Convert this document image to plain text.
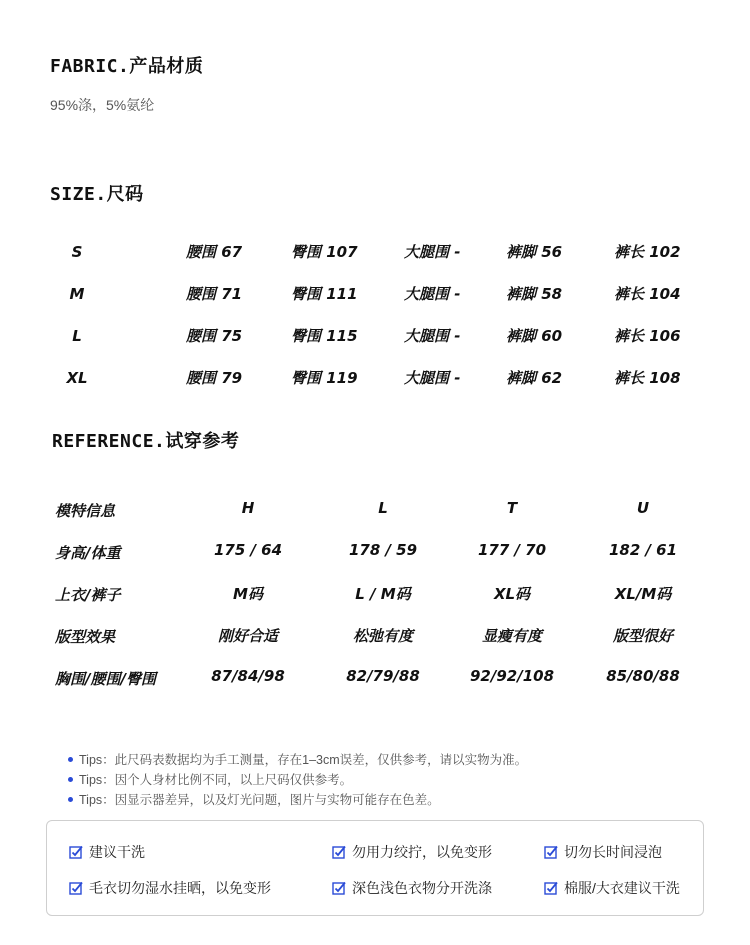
FABRIC.产品材质
95%涤，5%氨纶
SIZE.尺码
S	腰围 67	臀围 107	大腿围 -	裤脚 56	裤长 102
M	腰围 71	臀围 111	大腿围 -	裤脚 58	裤长 104
L	腰围 75	臀围 115	大腿围 -	裤脚 60	裤长 106
XL	腰围 79	臀围 119	大腿围 -	裤脚 62	裤长 108
REFERENCE.试穿参考
模特信息	H	L	T	U
身高/体重	175 / 64	178 / 59	177 / 70	182 / 61
上衣/裤子	M码	L / M码	XL码	XL/M码
版型效果	刚好合适	松弛有度	显瘦有度	版型很好
胸围/腰围/臀围	87/84/98	82/79/88	92/92/108	85/80/88
Tips：此尺码表数据均为手工测量，存在1–3cm误差，仅供参考，请以实物为准。
Tips：因个人身材比例不同，以上尺码仅供参考。
Tips：因显示器差异，以及灯光问题，图片与实物可能存在色差。
建议干洗	勿用力绞拧，以免变形	切勿长时间浸泡
毛衣切勿湿水挂晒，以免变形	深色浅色衣物分开洗涤	棉服/大衣建议干洗
